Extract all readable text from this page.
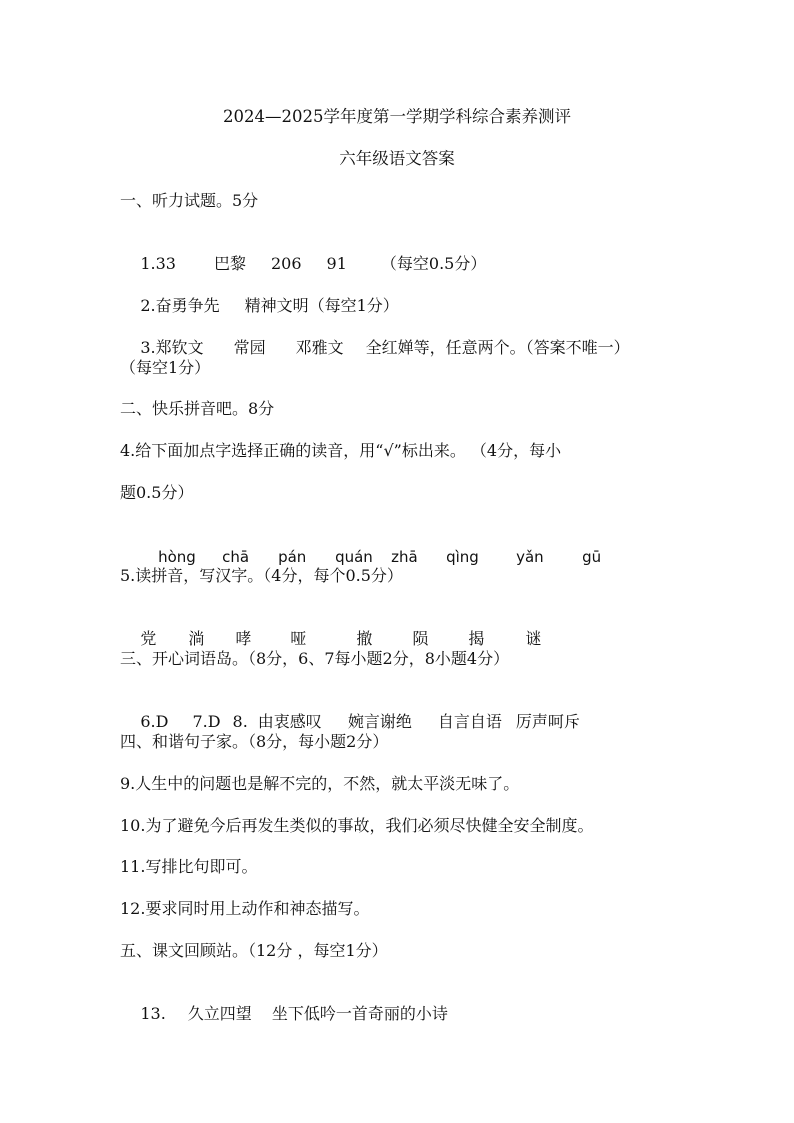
2024—2025学年度第一学期学科综合素养测评
六年级语文答案
一、听力试题。5分

1.33 巴黎 206 91 （每空0.5分）

2.奋勇争先 精神文明（每空1分）

3.郑钦文 常园 邓雅文 全红婵等，任意两个。（答案不唯一）

（每空1分）
二、快乐拼音吧。8分
4.给下面加点字选择正确的读音，用“√”标出来。 （4分，每小
题0.5分）

hòng chā pán quán zhā qìng yǎn	gū

5.读拼音，写汉字。（4分，每个0.5分）

党 淌 哮 哑	撤 陨 揭	谜

三、开心词语岛。（8分，6、7每小题2分，8小题4分）

6.D 7.D 8. 由衷感叹 婉言谢绝 自言自语 厉声呵斥

四、和谐句子家。（8分，每小题2分）
9.人生中的问题也是解不完的，不然，就太平淡无味了。
10.为了避免今后再发生类似的事故，我们必须尽快健全安全制度。
11.写排比句即可。
12.要求同时用上动作和神态描写。
五、课文回顾站。（12分 ，每空1分）

13. 久立四望 坐下低吟一首奇丽的小诗
